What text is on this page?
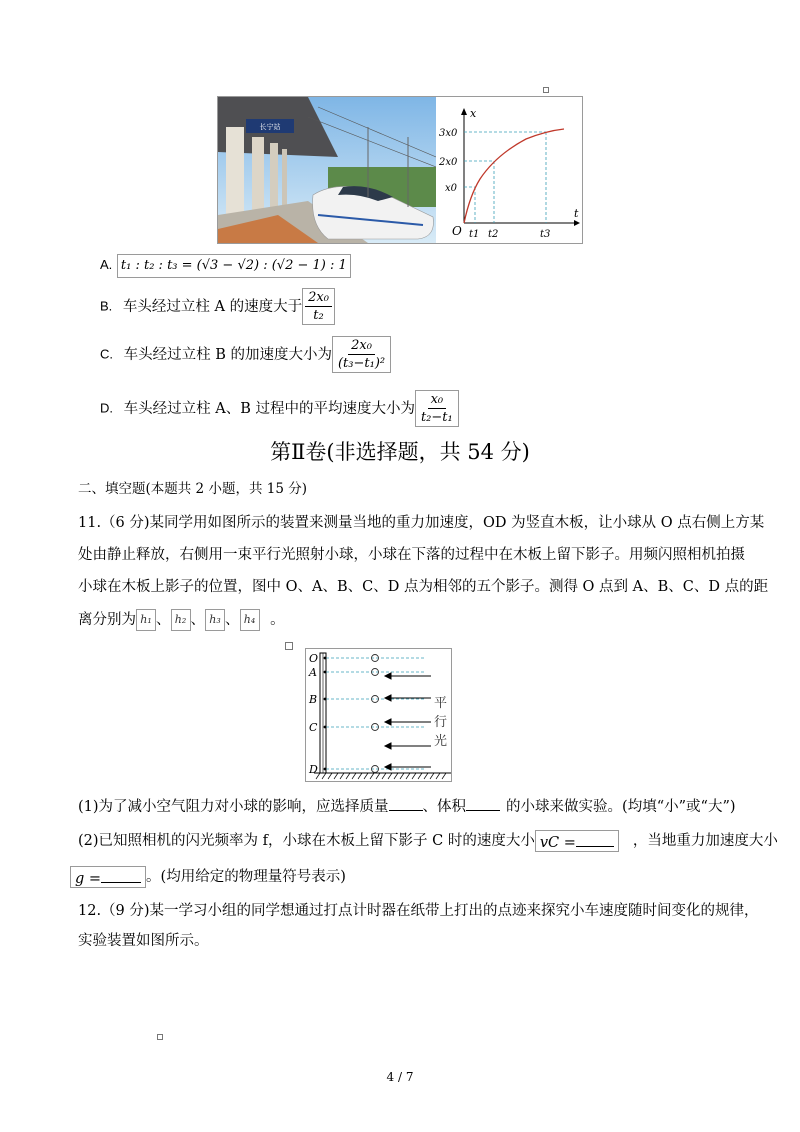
长宁站
x
t
O
3x0
2x0
x0
t1 t2	t3
A. t₁ : t₂ : t₃ = (√3 − √2) : (√2 − 1) : 1
B. 车头经过立柱 A 的速度大于 $\frac{\text{2x₀}}{\text{t₂}}$
C. 车头经过立柱 B 的加速度大小为 $\frac{\text{2x₀}}{\text{(t₃−t₁)²}}$
D. 车头经过立柱 A、B 过程中的平均速度大小为 $\frac{\text{x₀}}{\text{t₂−t₁}}$
第Ⅱ卷(非选择题，共 54 分)
二、填空题(本题共 2 小题，共 15 分)
11.（6 分)某同学用如图所示的装置来测量当地的重力加速度，OD 为竖直木板，让小球从 O 点右侧上方某
处由静止释放，右侧用一束平行光照射小球，小球在下落的过程中在木板上留下影子。用频闪照相机拍摄
小球在木板上影子的位置，图中 O、A、B、C、D 点为相邻的五个影子。测得 O 点到 A、B、C、D 点的距
离分别为 h₁ 、 h₂ 、 h₃ 、 h₄ 。
O
A
B
C
D
平
行
光
(1)为了减小空气阻力对小球的影响，应选择质量 、体积	的小球来做实验。(均填“小”或“大”)
(2)已知照相机的闪光频率为 f，小球在木板上留下影子 C 时的速度大小 vC =	，当地重力加速度大小
g =	。(均用给定的物理量符号表示)
12.（9 分)某一学习小组的同学想通过打点计时器在纸带上打出的点迹来探究小车速度随时间变化的规律，
实验装置如图所示。
4 / 7
